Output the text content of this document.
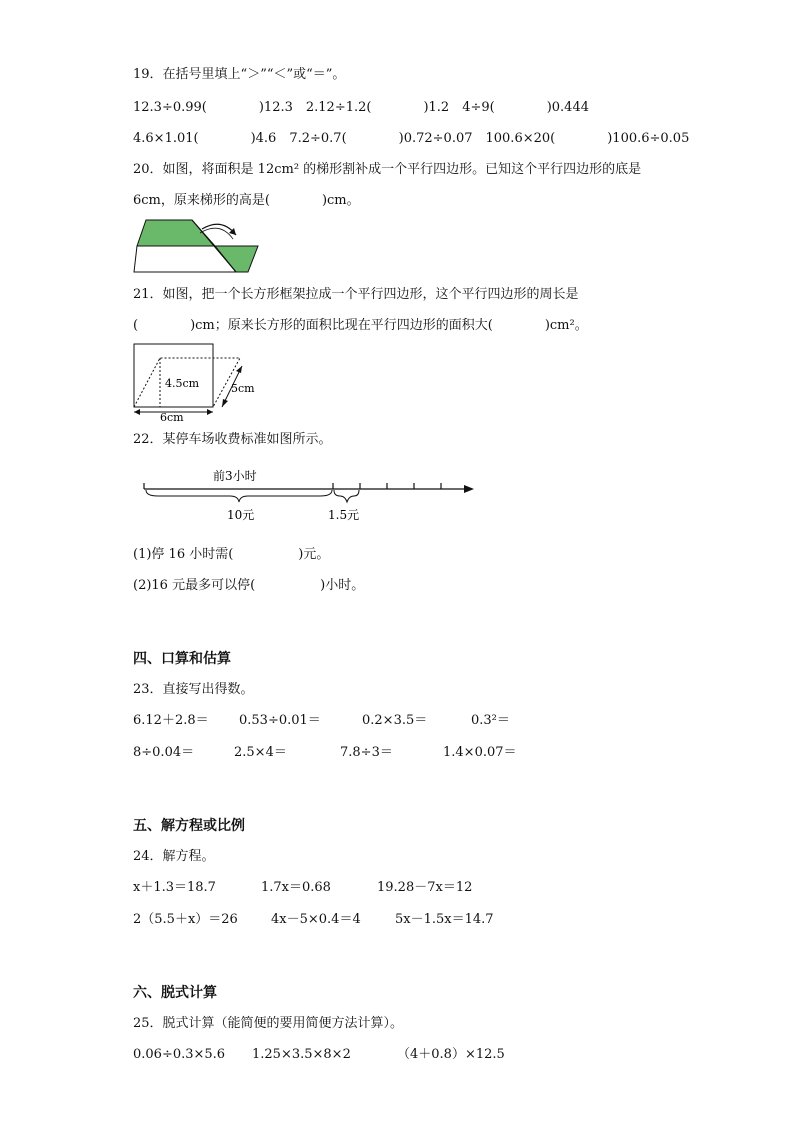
19．在括号里填上“＞”“＜”或“＝”。
12.3÷0.99(　　　　)12.3　2.12÷1.2(　　　　)1.2　4÷9(　　　　)0.444
4.6×1.01(　　　　)4.6　7.2÷0.7(　　　　)0.72÷0.07　100.6×20(　　　　)100.6÷0.05
20．如图，将面积是 12cm² 的梯形割补成一个平行四边形。已知这个平行四边形的底是
6cm，原来梯形的高是(　　　　)cm。
21．如图，把一个长方形框架拉成一个平行四边形，这个平行四边形的周长是
(　　　　)cm；原来长方形的面积比现在平行四边形的面积大(　　　　)cm²。
4.5cm	5cm
6cm
22．某停车场收费标准如图所示。
前3小时
10元	1.5元
(1)停 16 小时需(　　　　　)元。
(2)16 元最多可以停(　　　　　)小时。
四、口算和估算
23．直接写出得数。

6.12＋2.8＝

0.53÷0.01＝

	0.2×3.5＝

	0.3²＝

8÷0.04＝

	2.5×4＝

	7.8÷3＝

	1.4×0.07＝

五、解方程或比例
24．解方程。

x＋1.3＝18.7

	1.7x＝0.68

	19.28－7x＝12

2（5.5＋x）＝26

	4x－5×0.4＝4

	5x－1.5x＝14.7

六、脱式计算
25．脱式计算（能简便的要用简便方法计算）。

0.06÷0.3×5.6

1.25×3.5×8×2

	（4＋0.8）×12.5
